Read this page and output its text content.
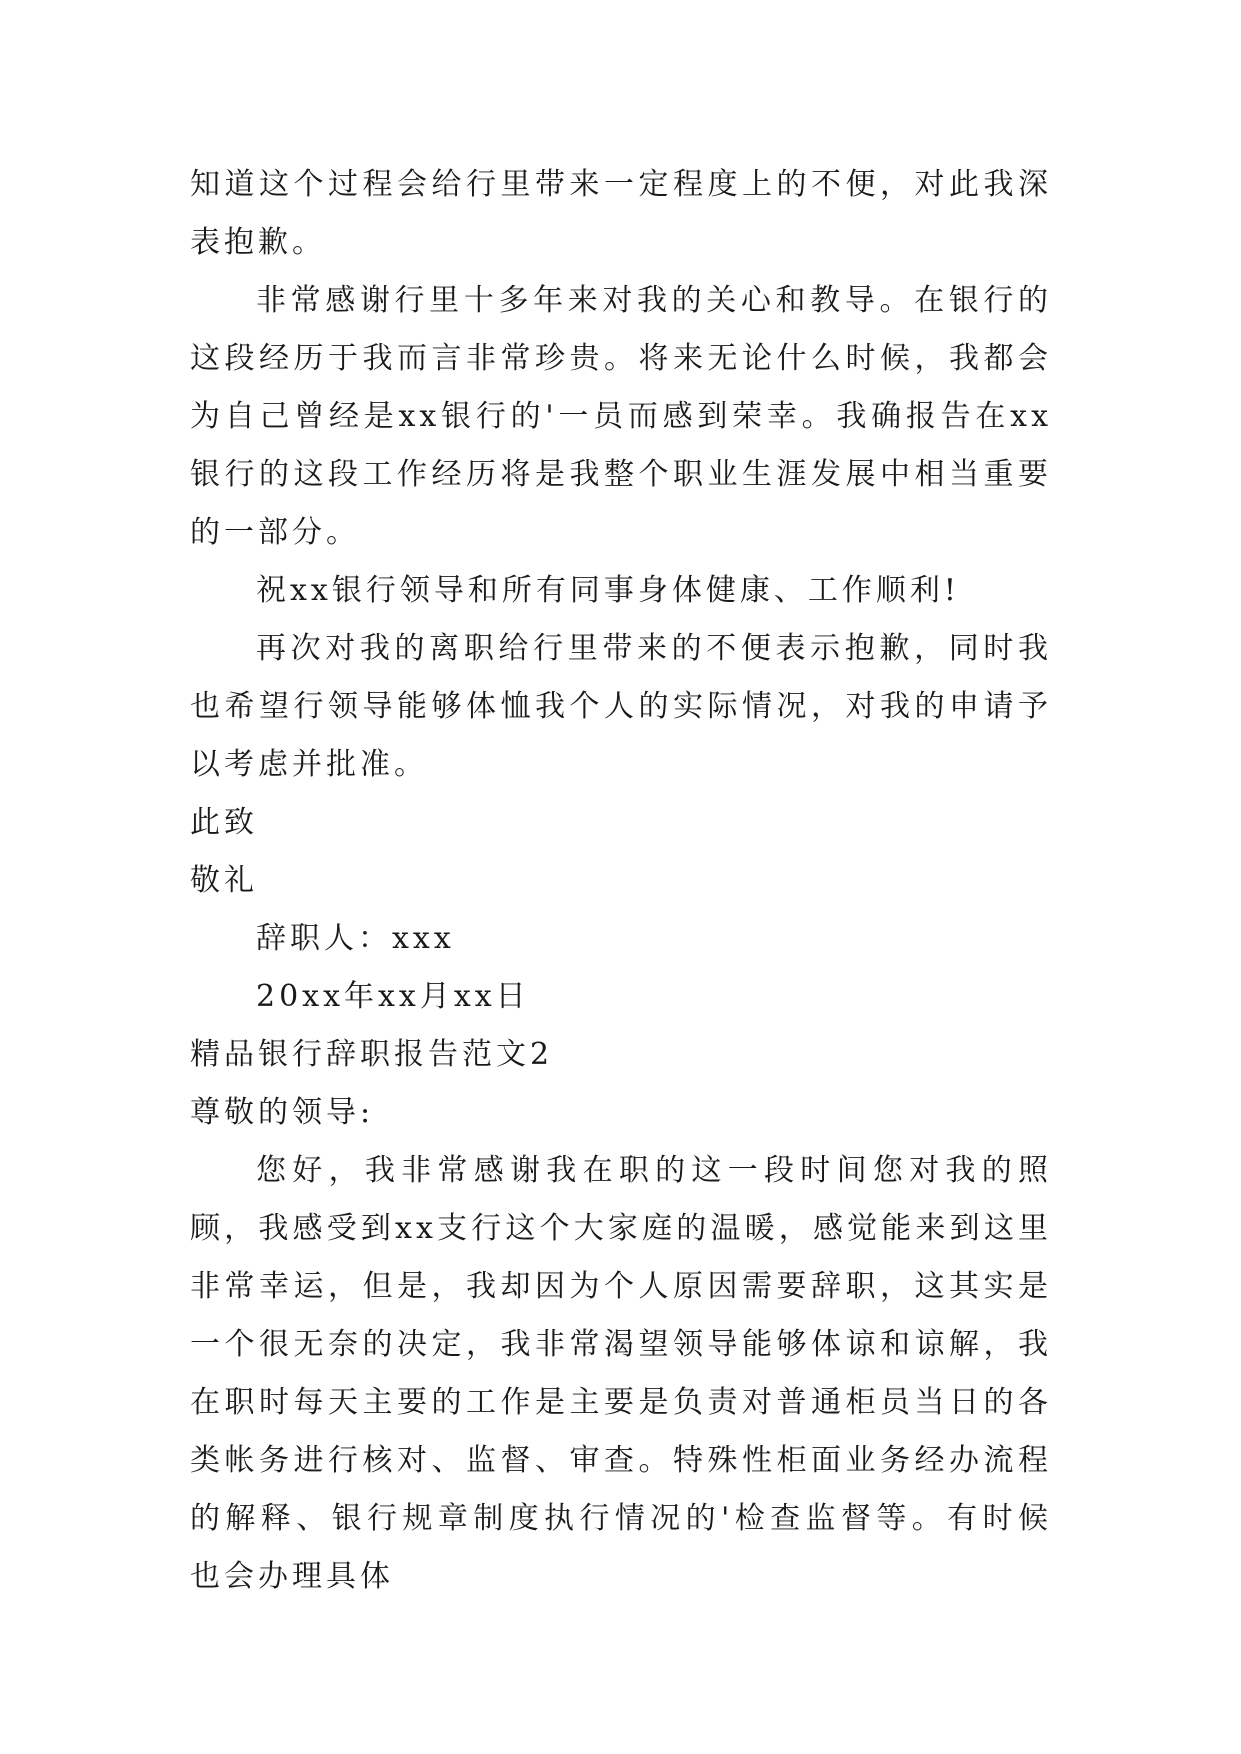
知道这个过程会给行里带来一定程度上的不便，对此我深表抱歉。

非常感谢行里十多年来对我的关心和教导。在银行的这段经历于我而言非常珍贵。将来无论什么时候，我都会为自己曾经是xx银行的'一员而感到荣幸。我确报告在xx银行的这段工作经历将是我整个职业生涯发展中相当重要的一部分。

祝xx银行领导和所有同事身体健康、工作顺利!

再次对我的离职给行里带来的不便表示抱歉，同时我也希望行领导能够体恤我个人的实际情况，对我的申请予以考虑并批准。

此致

敬礼

辞职人：xxx

20xx年xx月xx日

精品银行辞职报告范文2

尊敬的领导:

您好，我非常感谢我在职的这一段时间您对我的照顾，我感受到xx支行这个大家庭的温暖，感觉能来到这里非常幸运，但是，我却因为个人原因需要辞职，这其实是一个很无奈的决定，我非常渴望领导能够体谅和谅解，我在职时每天主要的工作是主要是负责对普通柜员当日的各类帐务进行核对、监督、审查。特殊性柜面业务经办流程的解释、银行规章制度执行情况的'检查监督等。有时候也会办理具体
